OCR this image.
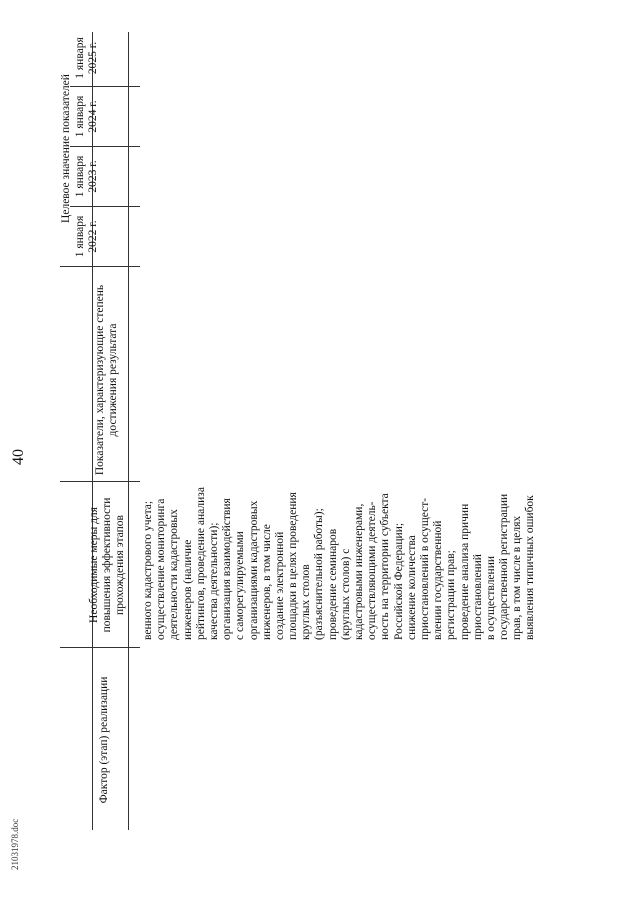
40
21031978.doc
Фактор (этап) реализации
Необходимые меры для повышения эффективности прохождения этапов
Показатели, характеризующие степень достижения результата
Целевое значение показателей
1 января 2022 г.
1 января 2023 г.
1 января 2024 г.
1 января 2025 г.
венного кадастрового учета; осуществление мониторинга деятельности кадастровых инженеров (наличие рейтингов, проведение анализа качества деятельности); организация взаимодействия с саморегулируемыми организациями кадастровых инженеров, в том числе создание электронной площадки в целях проведения круглых столов (разъяснительной работы); проведение семинаров (круглых столов) с кадастровыми инженерами, осуществляющими деятель- ность на территории субъекта Российской Федерации; снижение количества приостановлений в осущест- влении государственной регистрации прав; проведение анализа причин приостановлений в осуществлении государственной регистрации прав, в том числе в целях выявления типичных ошибок
